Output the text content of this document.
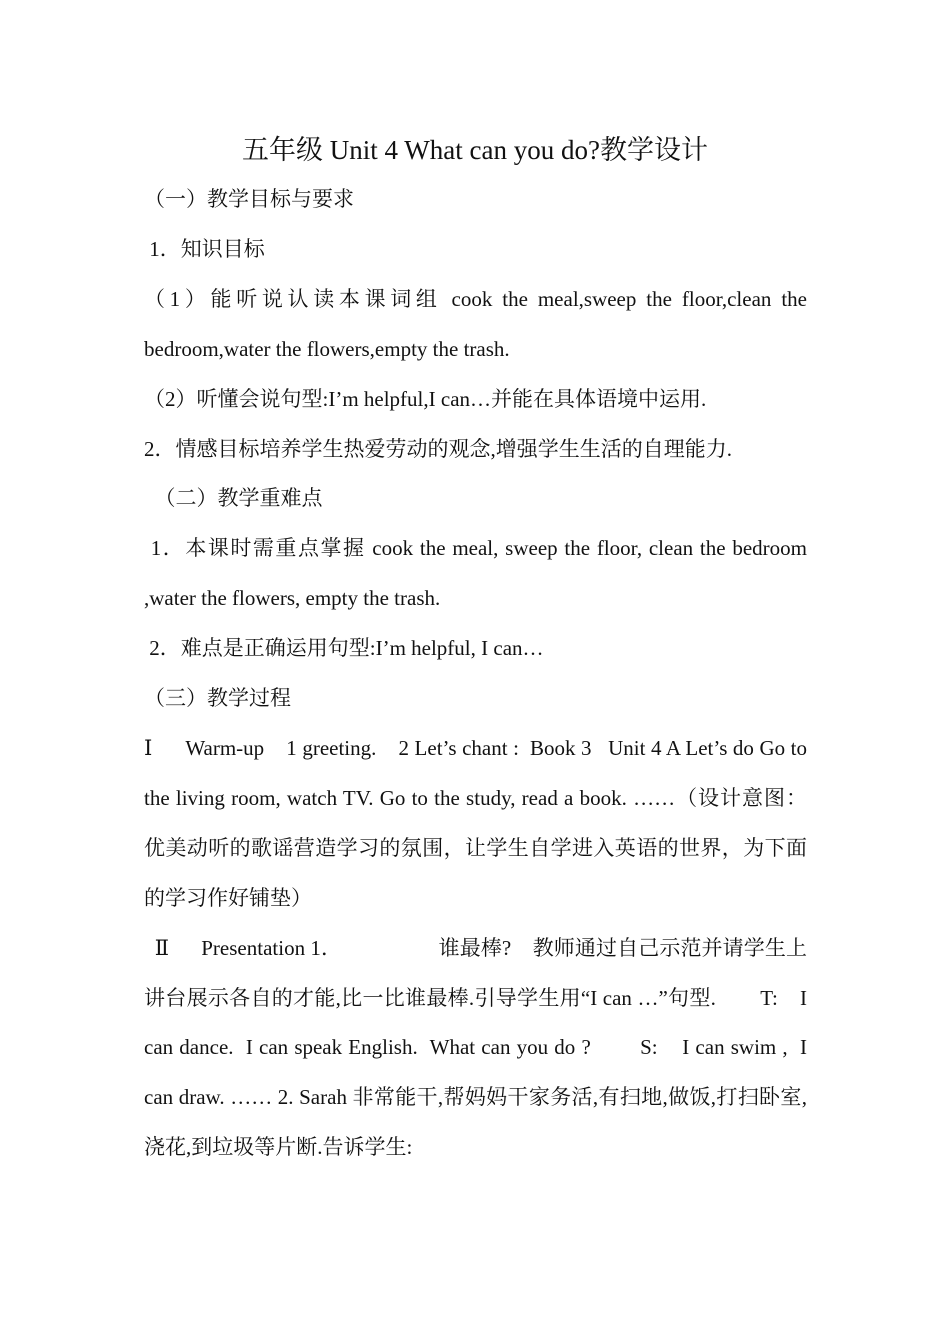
五年级 Unit 4 What can you do?教学设计

（一）教学目标与要求

1．知识目标

（1）能听说认读本课词组 cook the meal,sweep the floor,clean the bedroom,water the flowers,empty the trash.

（2）听懂会说句型:I’m helpful,I can…并能在具体语境中运用.

2．情感目标培养学生热爱劳动的观念,增强学生生活的自理能力.

（二）教学重难点

1．本课时需重点掌握 cook the meal, sweep the floor, clean the bedroom ,water the flowers, empty the trash.

2．难点是正确运用句型:I’m helpful, I can…

（三）教学过程

Ⅰ      Warm-up    1 greeting.    2 Let’s chant :  Book 3   Unit 4 A Let’s do Go to the living room, watch TV. Go to the study, read a book. ……（设计意图：优美动听的歌谣营造学习的氛围，让学生自学进入英语的世界，为下面的学习作好铺垫）

Ⅱ      Presentation 1．                  谁最棒?    教师通过自己示范并请学生上讲台展示各自的才能,比一比谁最棒.引导学生用“I can …”句型.        T:    I can dance.  I can speak English.  What can you do ?        S:    I can swim ,  I can draw. …… 2. Sarah 非常能干,帮妈妈干家务活,有扫地,做饭,打扫卧室,浇花,到垃圾等片断.告诉学生:
